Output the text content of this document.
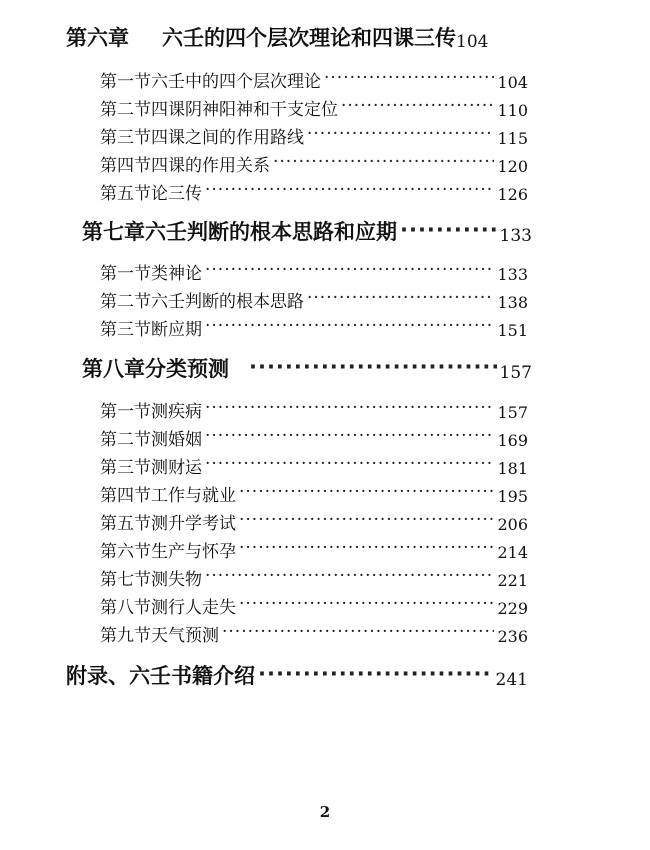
第六章	六壬的四个层次理论和四课三传 104
第一节 六壬中的四个层次理论 ·····	104
第二节 四课阴神阳神和干支定位 ·····	110
第三节 四课之间的作用路线 ·····	115
第四节 四课的作用关系 ·····	120
第五节 论三传 ·····	126
第七章 六壬判断的根本思路和应期 ·····	133
第一节 类神论 ·····	133
第二节 六壬判断的根本思路 ·····	138
第三节 断应期 ·····	151
第八章 分类预测 ·····	157
第一节 测疾病 ·····	157
第二节 测婚姻 ·····	169
第三节 测财运 ·····	181
第四节 工作与就业 ·····	195
第五节 测升学考试 ·····	206
第六节 生产与怀孕 ·····	214
第七节 测失物 ·····	221
第八节 测行人走失 ·····	229
第九节 天气预测 ·····	236
附录、六壬书籍介绍 ·····	241
2
